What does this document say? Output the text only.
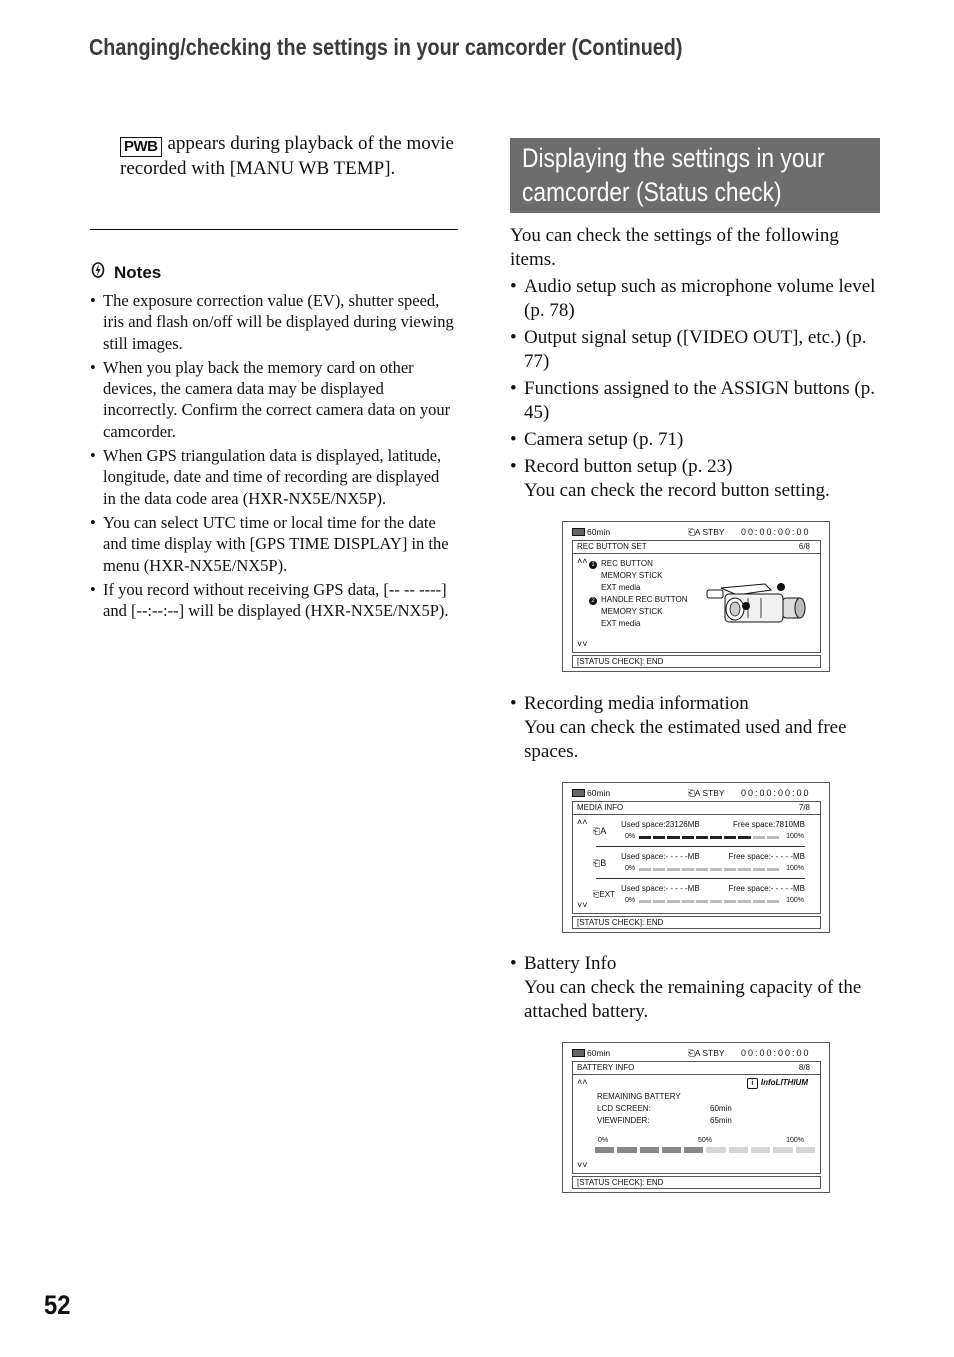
Changing/checking the settings in your camcorder (Continued)
PWB appears during playback of the movie recorded with [MANU WB TEMP].
Notes
• The exposure correction value (EV), shutter speed, iris and flash on/off will be displayed during viewing still images.
• When you play back the memory card on other devices, the camera data may be displayed incorrectly. Confirm the correct camera data on your camcorder.
• When GPS triangulation data is displayed, latitude, longitude, date and time of recording are displayed in the data code area (HXR-NX5E/NX5P).
• You can select UTC time or local time for the date and time display with [GPS TIME DISPLAY] in the menu (HXR-NX5E/NX5P).
• If you record without receiving GPS data, [-- -- ----] and [--:--:--] will be displayed (HXR-NX5E/NX5P).
Displaying the settings in your
camcorder (Status check)
You can check the settings of the following items.
• Audio setup such as microphone volume level (p. 78)
• Output signal setup ([VIDEO OUT], etc.) (p. 77)
• Functions assigned to the ASSIGN buttons (p. 45)
• Camera setup (p. 71)
• Record button setup (p. 23)
You can check the record button setting.
60min	⎗A STBY 00:00:00:00
REC BUTTON SET	6/8
˄˄
˅˅
1 REC BUTTON
MEMORY STICK
EXT media
2 HANDLE REC BUTTON
MEMORY STICK
EXT media
[STATUS CHECK]: END
• Recording media information
You can check the estimated used and free spaces.
60min	⎗A STBY 00:00:00:00
MEDIA INFO	7/8
˄˄
˅˅
⎗A
Used space:23126MB	Free space:7810MB
0%	100%
⎗B
Used space:- - - - -MB	Free space:- - - - -MB
0%	100%
⎗EXT
Used space:- - - - -MB	Free space:- - - - -MB
0%	100%
[STATUS CHECK]: END
• Battery Info
You can check the remaining capacity of the attached battery.
60min	⎗A STBY 00:00:00:00
BATTERY INFO	8/8
˄˄
˅˅
i InfoLITHIUM
REMAINING BATTERY
LCD SCREEN:	60min
VIEWFINDER:	65min
0%	50%	100%
[STATUS CHECK]: END
52
